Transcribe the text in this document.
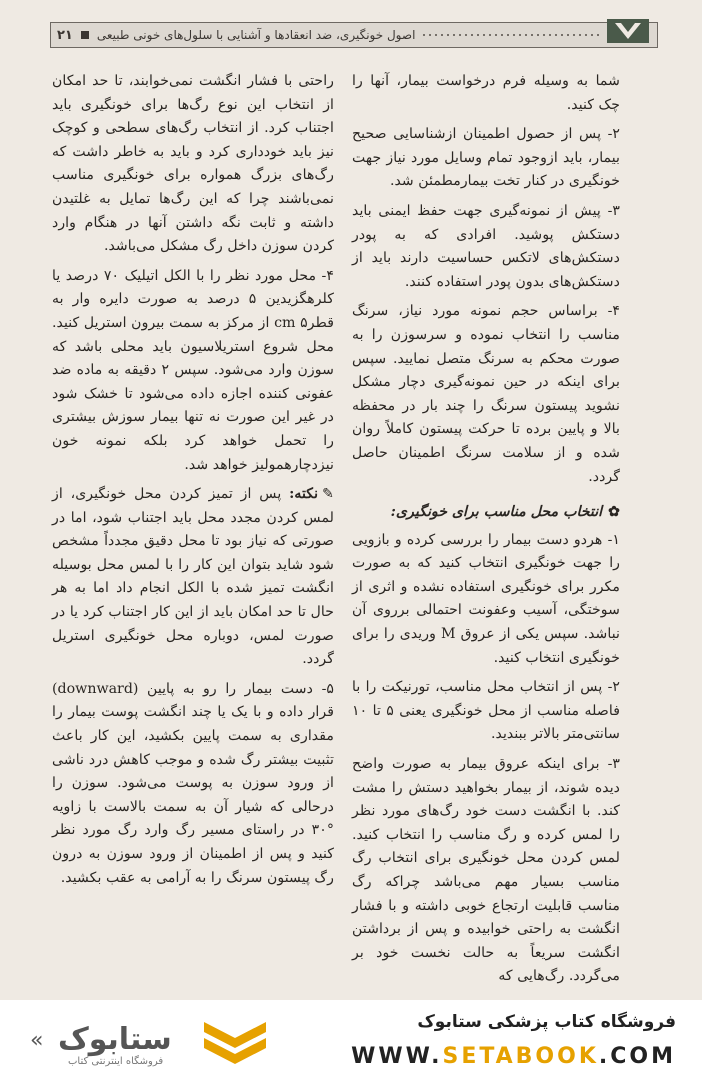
اصول خونگیری، ضد انعقادها و آشنایی با سلول‌های خونی طبیعی
۲۱

شما به وسیله فرم درخواست بیمار، آنها را چک کنید.

۲- پس از حصول اطمینان ازشناسایی صحیح بیمار، باید ازوجود تمام وسایل مورد نیاز جهت خونگیری در کنار تخت بیمارمطمئن شد.

۳- پیش از نمونه‌گیری جهت حفظ ایمنی باید دستکش پوشید. افرادی که به پودر دستکش‌های لاتکس حساسیت دارند باید از دستکش‌های بدون پودر استفاده کنند.

۴- براساس حجم نمونه مورد نیاز، سرنگ مناسب را انتخاب نموده و سرسوزن را به صورت محکم به سرنگ متصل نمایید. سپس برای اینکه در حین نمونه‌گیری دچار مشکل نشوید پیستون سرنگ را چند بار در محفظه بالا و پایین برده تا حرکت پیستون کاملاً روان شده و از سلامت سرنگ اطمینان حاصل گردد.

✿انتخاب محل مناسب برای خونگیری:

۱- هردو دست بیمار را بررسی کرده و بازویی را جهت خونگیری انتخاب کنید که به صورت مکرر برای خونگیری استفاده نشده و اثری از سوختگی، آسیب وعفونت احتمالی برروی آن نباشد. سپس یکی از عروق M وریدی را برای خونگیری انتخاب کنید.

۲- پس از انتخاب محل مناسب، تورنیکت را با فاصله مناسب از محل خونگیری یعنی ۵ تا ۱۰ سانتی‌متر بالاتر ببندید.

۳- برای اینکه عروق بیمار به صورت واضح دیده شوند، از بیمار بخواهید دستش را مشت کند. با انگشت دست خود رگ‌های مورد نظر را لمس کرده و رگ مناسب را انتخاب کنید. لمس کردن محل خونگیری برای انتخاب رگ مناسب بسیار مهم می‌باشد چراکه رگ مناسب قابلیت ارتجاع خوبی داشته و با فشار انگشت به راحتی خوابیده و پس از برداشتن انگشت سریعاً به حالت نخست خود بر می‌گردد. رگ‌هایی که

راحتی با فشار انگشت نمی‌خوابند، تا حد امکان از انتخاب این نوع رگ‌ها برای خونگیری باید اجتناب کرد. از انتخاب رگ‌های سطحی و کوچک نیز باید خودداری کرد و باید به خاطر داشت که رگ‌های بزرگ همواره برای خونگیری مناسب نمی‌باشند چرا که این رگ‌ها تمایل به غلتیدن داشته و ثابت نگه داشتن آنها در هنگام وارد کردن سوزن داخل رگ مشکل می‌باشد.

۴- محل مورد نظر را با الکل اتیلیک ۷۰ درصد یا کلرهگزیدین ۵ درصد به صورت دایره وار به قطر۵ cm از مرکز به سمت بیرون استریل کنید. محل شروع استریلاسیون باید محلی باشد که سوزن وارد می‌شود. سپس ۲ دقیقه به ماده ضد عفونی کننده اجازه داده می‌شود تا خشک شود در غیر این صورت نه تنها بیمار سوزش بیشتری را تحمل خواهد کرد بلکه نمونه خون نیزدچارهمولیز خواهد شد.

✎نکته: پس از تمیز کردن محل خونگیری، از لمس کردن مجدد محل باید اجتناب شود، اما در صورتی که نیاز بود تا محل دقیق مجدداً مشخص شود شاید بتوان این کار را با لمس محل بوسیله انگشت تمیز شده با الکل انجام داد اما به هر حال تا حد امکان باید از این کار اجتناب کرد یا در صورت لمس، دوباره محل خونگیری استریل گردد.

۵- دست بیمار را رو به پایین (downward) قرار داده و با یک یا چند انگشت پوست بیمار را مقداری به سمت پایین بکشید، این کار باعث تثبیت بیشتر رگ شده و موجب کاهش درد ناشی از ورود سوزن به پوست می‌شود. سوزن را درحالی که شیار آن به سمت بالاست با زاویه °۳۰ در راستای مسیر رگ وارد رگ مورد نظر کنید و پس از اطمینان از ورود سوزن به درون رگ پیستون سرنگ را به آرامی به عقب بکشید.

« ستابوک
فروشگاه اینترنتی کتاب
فروشگاه کتاب پزشکی ستابوک
WWW.SETABOOK.COM
